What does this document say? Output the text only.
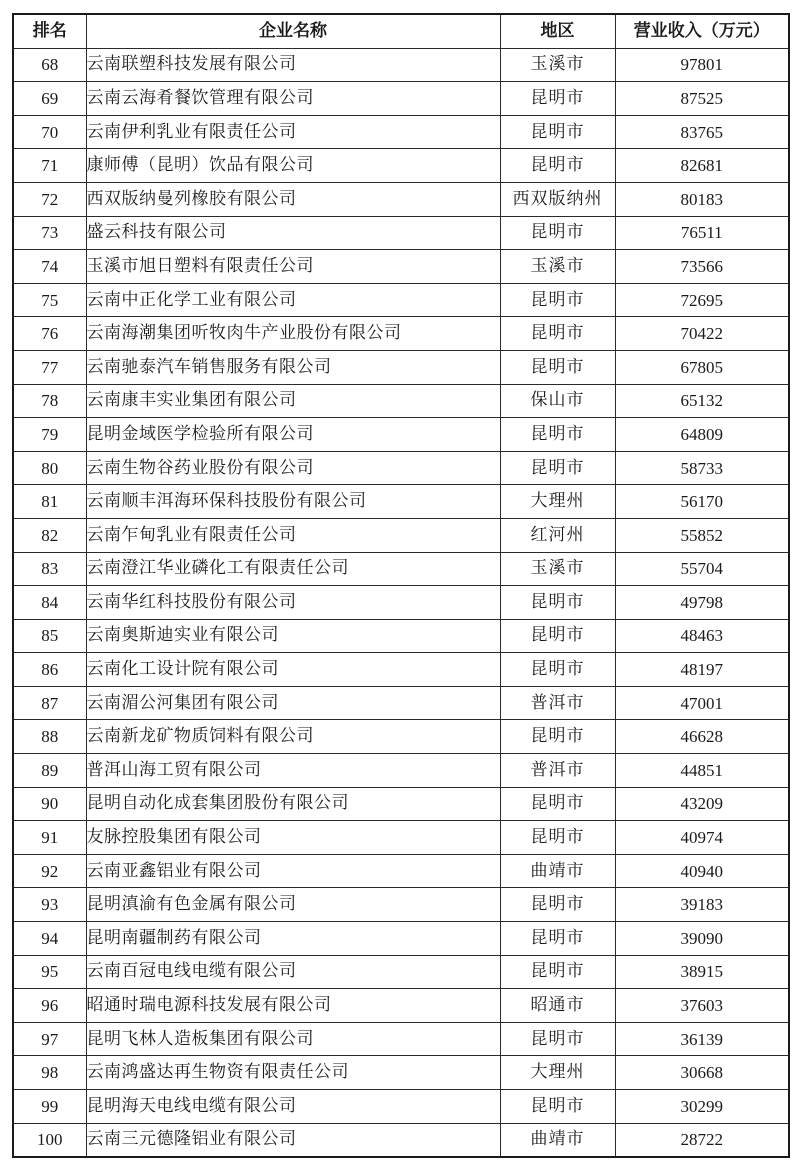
排名	企业名称	地区	营业收入（万元）
68	云南联塑科技发展有限公司	玉溪市	97801
69	云南云海肴餐饮管理有限公司	昆明市	87525
70	云南伊利乳业有限责任公司	昆明市	83765
71	康师傅（昆明）饮品有限公司	昆明市	82681
72	西双版纳曼列橡胶有限公司	西双版纳州	80183
73	盛云科技有限公司	昆明市	76511
74	玉溪市旭日塑料有限责任公司	玉溪市	73566
75	云南中正化学工业有限公司	昆明市	72695
76	云南海潮集团听牧肉牛产业股份有限公司	昆明市	70422
77	云南驰泰汽车销售服务有限公司	昆明市	67805
78	云南康丰实业集团有限公司	保山市	65132
79	昆明金域医学检验所有限公司	昆明市	64809
80	云南生物谷药业股份有限公司	昆明市	58733
81	云南顺丰洱海环保科技股份有限公司	大理州	56170
82	云南乍甸乳业有限责任公司	红河州	55852
83	云南澄江华业磷化工有限责任公司	玉溪市	55704
84	云南华红科技股份有限公司	昆明市	49798
85	云南奥斯迪实业有限公司	昆明市	48463
86	云南化工设计院有限公司	昆明市	48197
87	云南湄公河集团有限公司	普洱市	47001
88	云南新龙矿物质饲料有限公司	昆明市	46628
89	普洱山海工贸有限公司	普洱市	44851
90	昆明自动化成套集团股份有限公司	昆明市	43209
91	友脉控股集团有限公司	昆明市	40974
92	云南亚鑫铝业有限公司	曲靖市	40940
93	昆明滇渝有色金属有限公司	昆明市	39183
94	昆明南疆制药有限公司	昆明市	39090
95	云南百冠电线电缆有限公司	昆明市	38915
96	昭通时瑞电源科技发展有限公司	昭通市	37603
97	昆明飞林人造板集团有限公司	昆明市	36139
98	云南鸿盛达再生物资有限责任公司	大理州	30668
99	昆明海天电线电缆有限公司	昆明市	30299
100	云南三元德隆铝业有限公司	曲靖市	28722
